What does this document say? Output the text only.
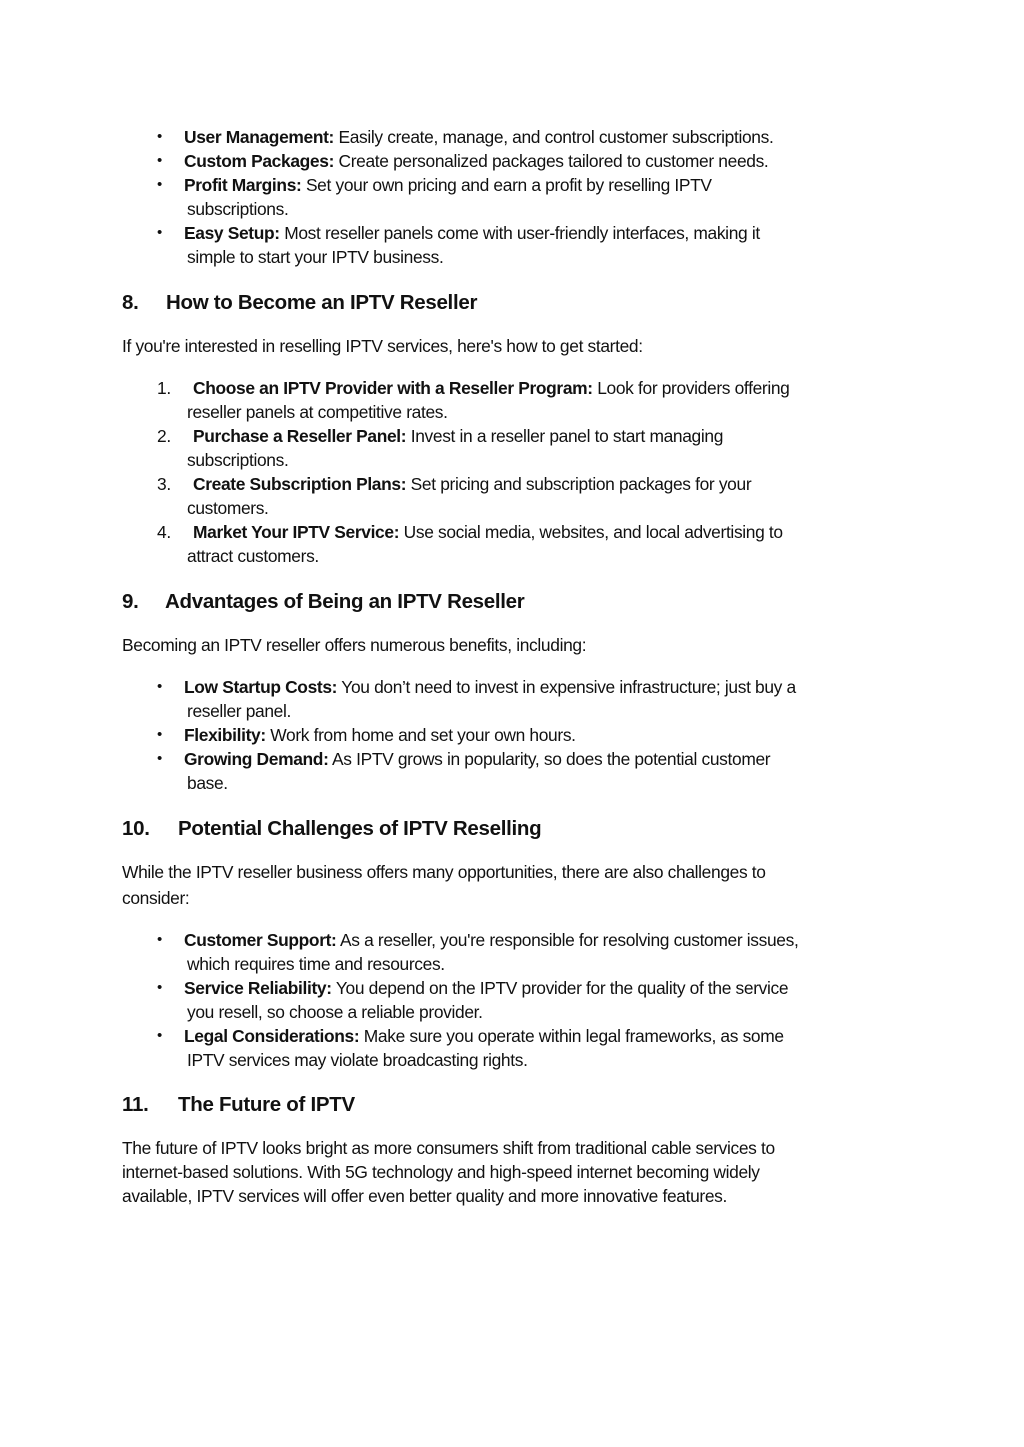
• User Management: Easily create, manage, and control customer subscriptions.
• Custom Packages: Create personalized packages tailored to customer needs.
• Profit Margins: Set your own pricing and earn a profit by reselling IPTV
subscriptions.
• Easy Setup: Most reseller panels come with user-friendly interfaces, making it
simple to start your IPTV business.
8. How to Become an IPTV Reseller
If you're interested in reselling IPTV services, here's how to get started:
1. Choose an IPTV Provider with a Reseller Program: Look for providers offering
reseller panels at competitive rates.
2. Purchase a Reseller Panel: Invest in a reseller panel to start managing
subscriptions.
3. Create Subscription Plans: Set pricing and subscription packages for your
customers.
4. Market Your IPTV Service: Use social media, websites, and local advertising to
attract customers.
9. Advantages of Being an IPTV Reseller
Becoming an IPTV reseller offers numerous benefits, including:
• Low Startup Costs: You don’t need to invest in expensive infrastructure; just buy a
reseller panel.
• Flexibility: Work from home and set your own hours.
• Growing Demand: As IPTV grows in popularity, so does the potential customer
base.
10. Potential Challenges of IPTV Reselling
While the IPTV reseller business offers many opportunities, there are also challenges to
consider:
• Customer Support: As a reseller, you're responsible for resolving customer issues,
which requires time and resources.
• Service Reliability: You depend on the IPTV provider for the quality of the service
you resell, so choose a reliable provider.
• Legal Considerations: Make sure you operate within legal frameworks, as some
IPTV services may violate broadcasting rights.
11. The Future of IPTV
The future of IPTV looks bright as more consumers shift from traditional cable services to
internet-based solutions. With 5G technology and high-speed internet becoming widely
available, IPTV services will offer even better quality and more innovative features.
